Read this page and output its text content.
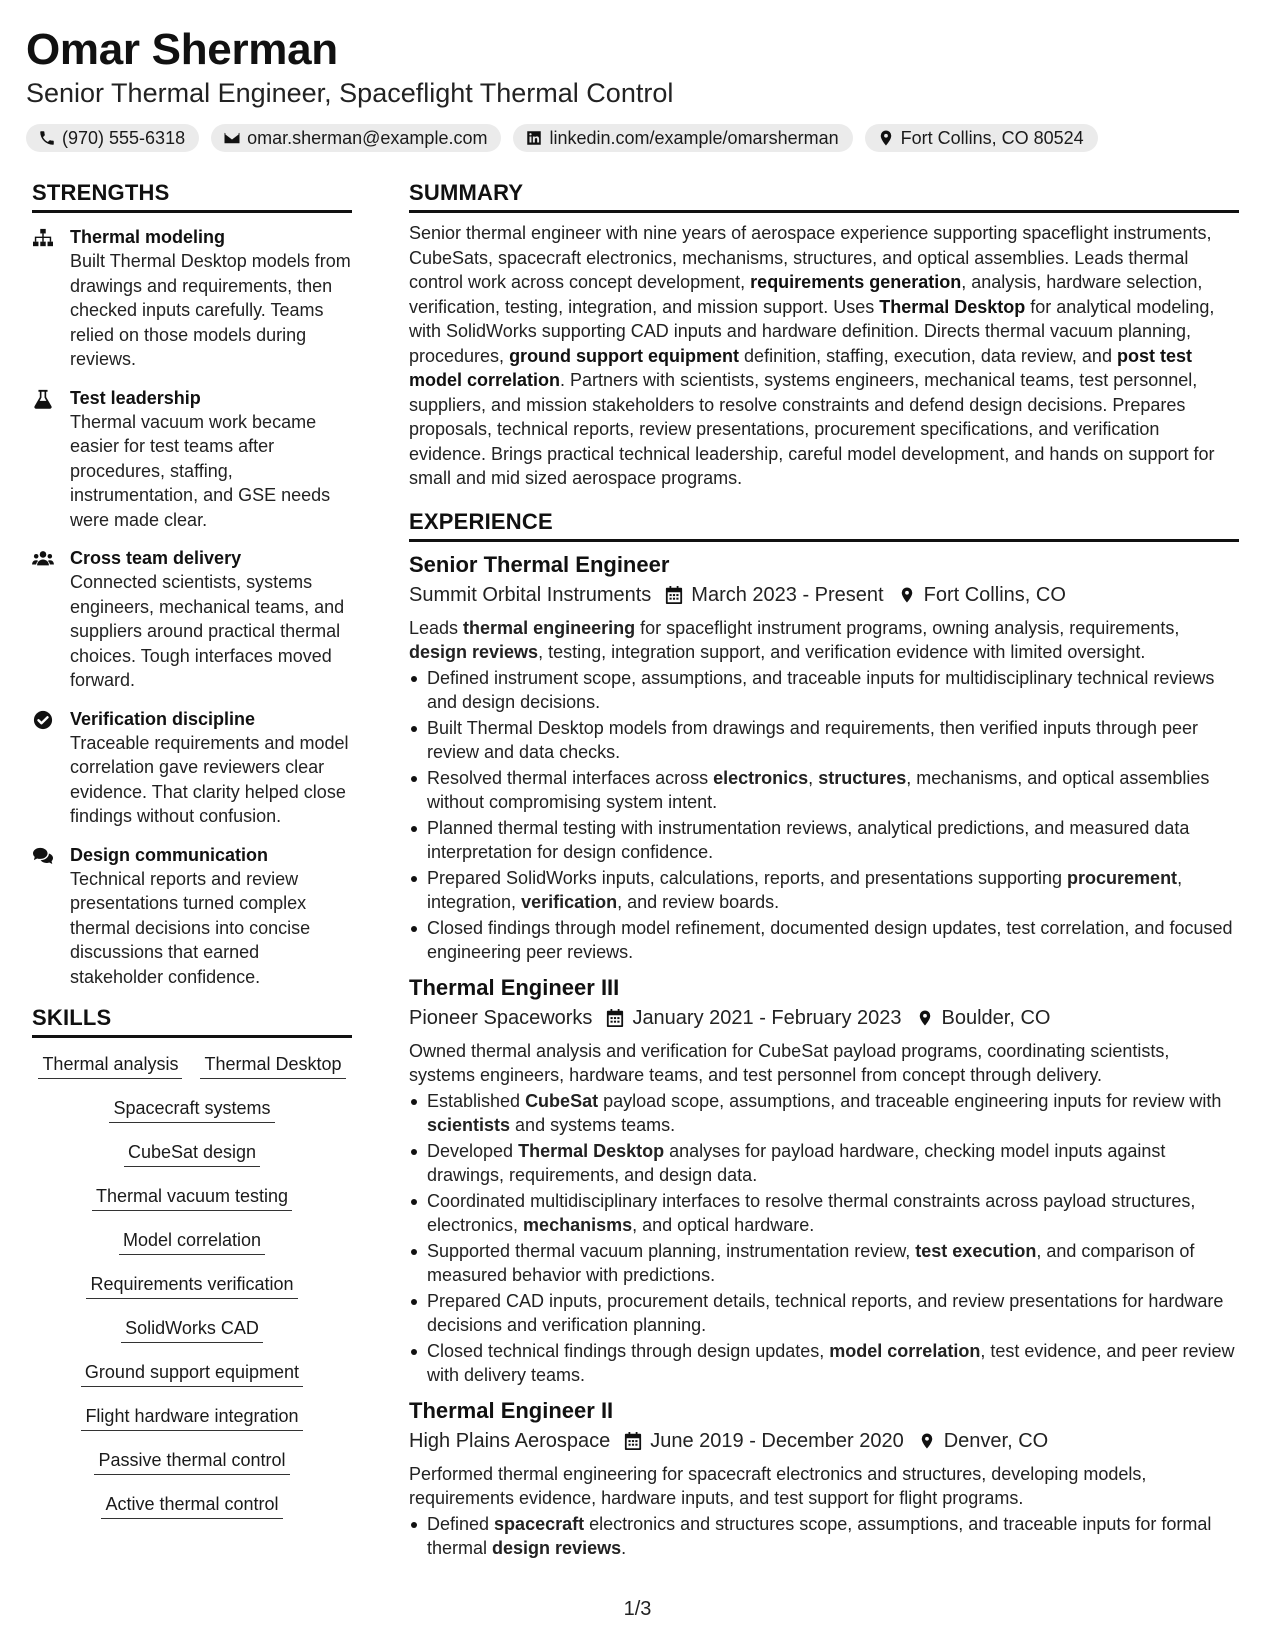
Omar Sherman
Senior Thermal Engineer, Spaceflight Thermal Control
(970) 555-6318	omar.sherman@example.com	linkedin.com/example/omarsherman	Fort Collins, CO 80524
STRENGTHS
Thermal modeling
Built Thermal Desktop models from drawings and requirements, then checked inputs carefully. Teams relied on those models during reviews.
Test leadership
Thermal vacuum work became easier for test teams after procedures, staffing, instrumentation, and GSE needs were made clear.
Cross team delivery
Connected scientists, systems engineers, mechanical teams, and suppliers around practical thermal choices. Tough interfaces moved forward.
Verification discipline
Traceable requirements and model correlation gave reviewers clear evidence. That clarity helped close findings without confusion.
Design communication
Technical reports and review presentations turned complex thermal decisions into concise discussions that earned stakeholder confidence.
SKILLS
Thermal analysis Thermal Desktop
Spacecraft systems
CubeSat design
Thermal vacuum testing
Model correlation
Requirements verification
SolidWorks CAD
Ground support equipment
Flight hardware integration
Passive thermal control
Active thermal control
SUMMARY
Senior thermal engineer with nine years of aerospace experience supporting spaceflight instruments, CubeSats, spacecraft electronics, mechanisms, structures, and optical assemblies. Leads thermal control work across concept development, requirements generation, analysis, hardware selection, verification, testing, integration, and mission support. Uses Thermal Desktop for analytical modeling, with SolidWorks supporting CAD inputs and hardware definition. Directs thermal vacuum planning, procedures, ground support equipment definition, staffing, execution, data review, and post test model correlation. Partners with scientists, systems engineers, mechanical teams, test personnel, suppliers, and mission stakeholders to resolve constraints and defend design decisions. Prepares proposals, technical reports, review presentations, procurement specifications, and verification evidence. Brings practical technical leadership, careful model development, and hands on support for small and mid sized aerospace programs.
EXPERIENCE
Senior Thermal Engineer
Summit Orbital Instruments March 2023 - Present Fort Collins, CO
Leads thermal engineering for spaceflight instrument programs, owning analysis, requirements, design reviews, testing, integration support, and verification evidence with limited oversight.
Defined instrument scope, assumptions, and traceable inputs for multidisciplinary technical reviews and design decisions.
Built Thermal Desktop models from drawings and requirements, then verified inputs through peer review and data checks.
Resolved thermal interfaces across electronics, structures, mechanisms, and optical assemblies without compromising system intent.
Planned thermal testing with instrumentation reviews, analytical predictions, and measured data interpretation for design confidence.
Prepared SolidWorks inputs, calculations, reports, and presentations supporting procurement, integration, verification, and review boards.
Closed findings through model refinement, documented design updates, test correlation, and focused engineering peer reviews.
Thermal Engineer III
Pioneer Spaceworks January 2021 - February 2023 Boulder, CO
Owned thermal analysis and verification for CubeSat payload programs, coordinating scientists, systems engineers, hardware teams, and test personnel from concept through delivery.
Established CubeSat payload scope, assumptions, and traceable engineering inputs for review with scientists and systems teams.
Developed Thermal Desktop analyses for payload hardware, checking model inputs against drawings, requirements, and design data.
Coordinated multidisciplinary interfaces to resolve thermal constraints across payload structures, electronics, mechanisms, and optical hardware.
Supported thermal vacuum planning, instrumentation review, test execution, and comparison of measured behavior with predictions.
Prepared CAD inputs, procurement details, technical reports, and review presentations for hardware decisions and verification planning.
Closed technical findings through design updates, model correlation, test evidence, and peer review with delivery teams.
Thermal Engineer II
High Plains Aerospace June 2019 - December 2020 Denver, CO
Performed thermal engineering for spacecraft electronics and structures, developing models, requirements evidence, hardware inputs, and test support for flight programs.
Defined spacecraft electronics and structures scope, assumptions, and traceable inputs for formal thermal design reviews.
1/3
